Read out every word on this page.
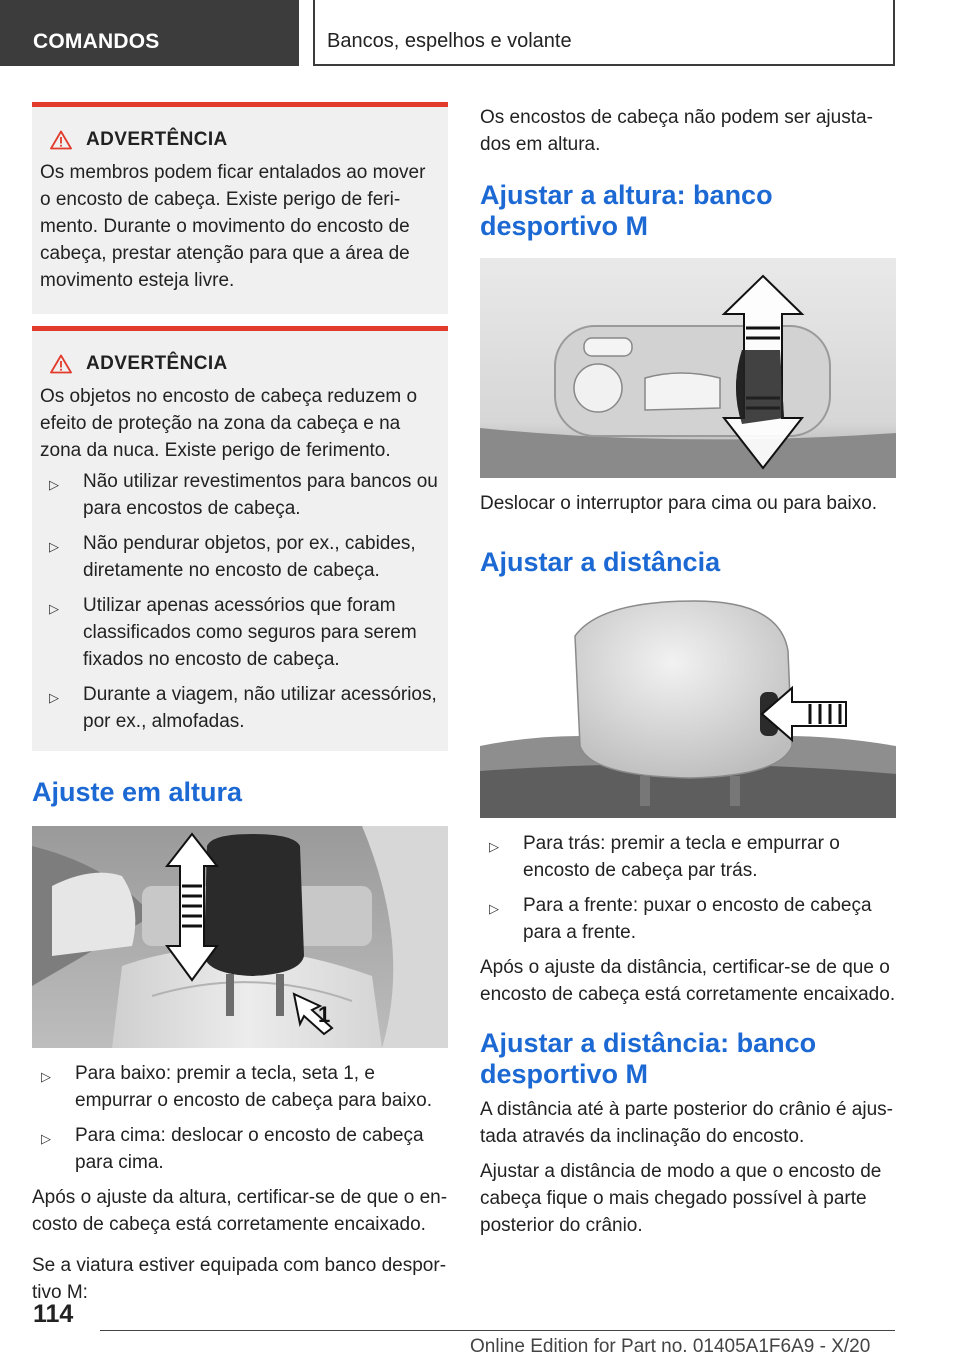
COMANDOS	Bancos, espelhos e volante
ADVERTÊNCIA
Os membros podem ficar entalados ao mover o encosto de cabeça. Existe perigo de ferimento. Durante o movimento do encosto de cabeça, prestar atenção para que a área de movimento esteja livre.
ADVERTÊNCIA
Os objetos no encosto de cabeça reduzem o efeito de proteção na zona da cabeça e na zona da nuca. Existe perigo de ferimento.
▷ Não utilizar revestimentos para bancos ou para encostos de cabeça.
▷ Não pendurar objetos, por ex., cabides, diretamente no encosto de cabeça.
▷ Utilizar apenas acessórios que foram classificados como seguros para serem fixados no encosto de cabeça.
▷ Durante a viagem, não utilizar acessórios, por ex., almofadas.
Ajuste em altura
1
▷ Para baixo: premir a tecla, seta 1, e empurrar o encosto de cabeça para baixo.
▷ Para cima: deslocar o encosto de cabeça para cima.
Após o ajuste da altura, certificar-se de que o encosto de cabeça está corretamente encaixado.
Se a viatura estiver equipada com banco desportivo M:
Os encostos de cabeça não podem ser ajustados em altura.
Ajustar a altura: banco desportivo M
Deslocar o interruptor para cima ou para baixo.
Ajustar a distância
▷ Para trás: premir a tecla e empurrar o encosto de cabeça par trás.
▷ Para a frente: puxar o encosto de cabeça para a frente.
Após o ajuste da distância, certificar-se de que o encosto de cabeça está corretamente encaixado.
Ajustar a distância: banco desportivo M
A distância até à parte posterior do crânio é ajustada através da inclinação do encosto.
Ajustar a distância de modo a que o encosto de cabeça fique o mais chegado possível à parte posterior do crânio.
114
Online Edition for Part no. 01405A1F6A9 - X/20
